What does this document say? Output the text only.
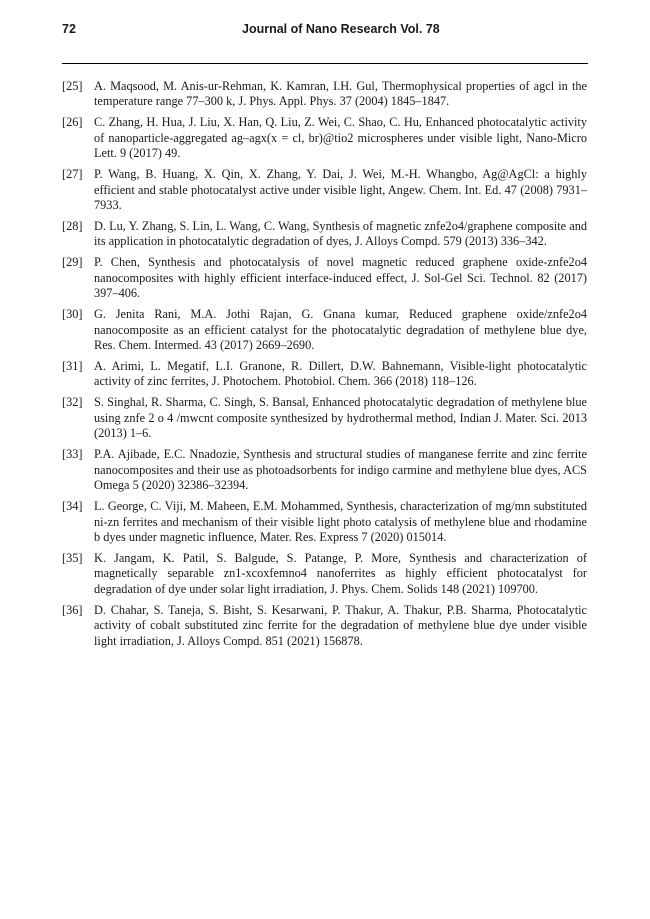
72	Journal of Nano Research Vol. 78
[25] A. Maqsood, M. Anis-ur-Rehman, K. Kamran, I.H. Gul, Thermophysical properties of agcl in the temperature range 77–300 k, J. Phys. Appl. Phys. 37 (2004) 1845–1847.
[26] C. Zhang, H. Hua, J. Liu, X. Han, Q. Liu, Z. Wei, C. Shao, C. Hu, Enhanced photocatalytic activity of nanoparticle-aggregated ag–agx(x = cl, br)@tio2 microspheres under visible light, Nano-Micro Lett. 9 (2017) 49.
[27] P. Wang, B. Huang, X. Qin, X. Zhang, Y. Dai, J. Wei, M.-H. Whangbo, Ag@AgCl: a highly efficient and stable photocatalyst active under visible light, Angew. Chem. Int. Ed. 47 (2008) 7931–7933.
[28] D. Lu, Y. Zhang, S. Lin, L. Wang, C. Wang, Synthesis of magnetic znfe2o4/graphene composite and its application in photocatalytic degradation of dyes, J. Alloys Compd. 579 (2013) 336–342.
[29] P. Chen, Synthesis and photocatalysis of novel magnetic reduced graphene oxide-znfe2o4 nanocomposites with highly efficient interface-induced effect, J. Sol-Gel Sci. Technol. 82 (2017) 397–406.
[30] G. Jenita Rani, M.A. Jothi Rajan, G. Gnana kumar, Reduced graphene oxide/znfe2o4 nanocomposite as an efficient catalyst for the photocatalytic degradation of methylene blue dye, Res. Chem. Intermed. 43 (2017) 2669–2690.
[31] A. Arimi, L. Megatif, L.I. Granone, R. Dillert, D.W. Bahnemann, Visible-light photocatalytic activity of zinc ferrites, J. Photochem. Photobiol. Chem. 366 (2018) 118–126.
[32] S. Singhal, R. Sharma, C. Singh, S. Bansal, Enhanced photocatalytic degradation of methylene blue using znfe 2 o 4 /mwcnt composite synthesized by hydrothermal method, Indian J. Mater. Sci. 2013 (2013) 1–6.
[33] P.A. Ajibade, E.C. Nnadozie, Synthesis and structural studies of manganese ferrite and zinc ferrite nanocomposites and their use as photoadsorbents for indigo carmine and methylene blue dyes, ACS Omega 5 (2020) 32386–32394.
[34] L. George, C. Viji, M. Maheen, E.M. Mohammed, Synthesis, characterization of mg/mn substituted ni-zn ferrites and mechanism of their visible light photo catalysis of methylene blue and rhodamine b dyes under magnetic influence, Mater. Res. Express 7 (2020) 015014.
[35] K. Jangam, K. Patil, S. Balgude, S. Patange, P. More, Synthesis and characterization of magnetically separable zn1-xcoxfemno4 nanoferrites as highly efficient photocatalyst for degradation of dye under solar light irradiation, J. Phys. Chem. Solids 148 (2021) 109700.
[36] D. Chahar, S. Taneja, S. Bisht, S. Kesarwani, P. Thakur, A. Thakur, P.B. Sharma, Photocatalytic activity of cobalt substituted zinc ferrite for the degradation of methylene blue dye under visible light irradiation, J. Alloys Compd. 851 (2021) 156878.
